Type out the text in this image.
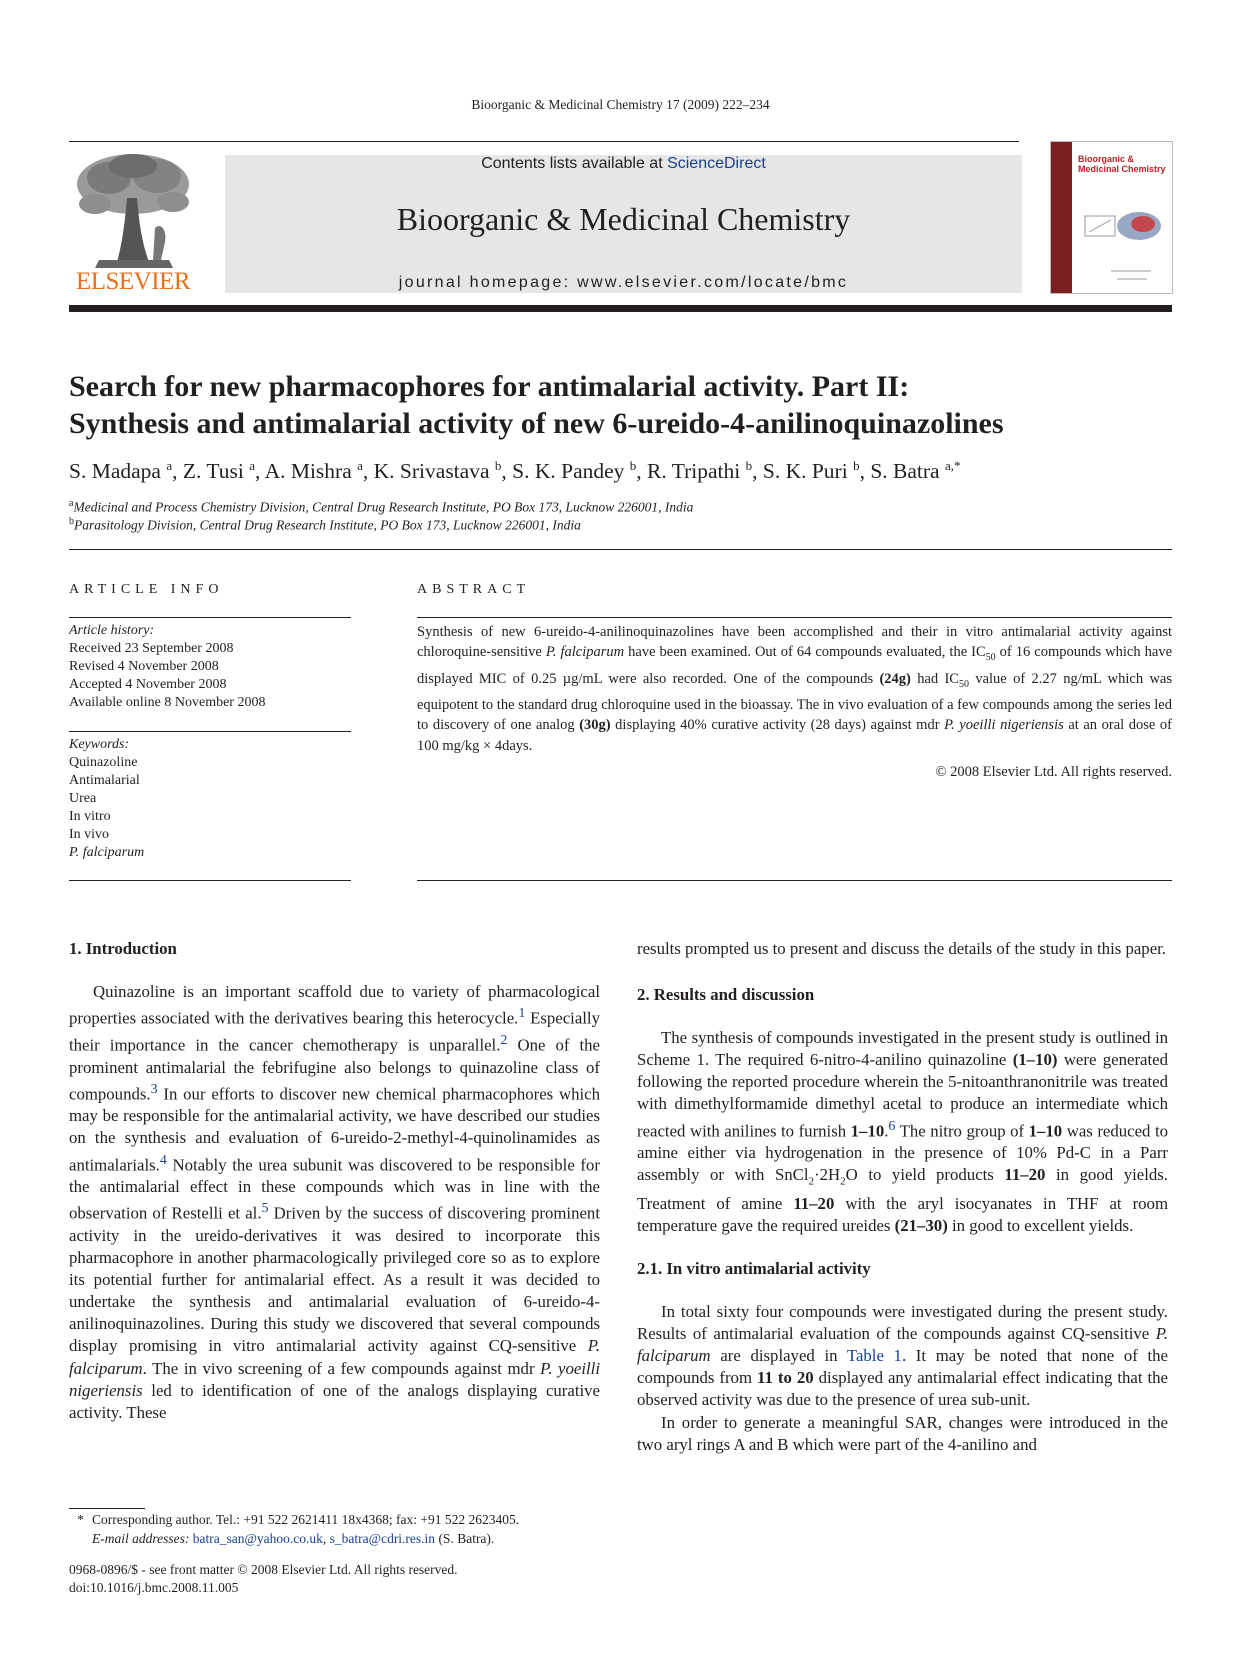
Bioorganic & Medicinal Chemistry 17 (2009) 222–234
ELSEVIER
Contents lists available at ScienceDirect
Bioorganic & Medicinal Chemistry
journal homepage: www.elsevier.com/locate/bmc
Bioorganic & Medicinal Chemistry
Search for new pharmacophores for antimalarial activity. Part II:
Synthesis and antimalarial activity of new 6-ureido-4-anilinoquinazolines
S. Madapa $^a$, Z. Tusi $^a$, A. Mishra $^a$, K. Srivastava $^b$, S. K. Pandey $^b$, R. Tripathi $^b$, S. K. Puri $^b$, S. Batra $^{a,*}$
$^a$Medicinal and Process Chemistry Division, Central Drug Research Institute, PO Box 173, Lucknow 226001, India
$^b$Parasitology Division, Central Drug Research Institute, PO Box 173, Lucknow 226001, India
ARTICLE INFO
Article history:
Received 23 September 2008
Revised 4 November 2008
Accepted 4 November 2008
Available online 8 November 2008
Keywords:
Quinazoline
Antimalarial
Urea
In vitro
In vivo
P. falciparum
ABSTRACT
Synthesis of new 6-ureido-4-anilinoquinazolines have been accomplished and their in vitro antimalarial activity against chloroquine-sensitive P. falciparum have been examined. Out of 64 compounds evaluated, the $IC_{50}$ of 16 compounds which have displayed MIC of 0.25 µg/mL were also recorded. One of the compounds (24g) had $IC_{50}$ value of 2.27 ng/mL which was equipotent to the standard drug chloroquine used in the bioassay. The in vivo evaluation of a few compounds among the series led to discovery of one analog (30g) displaying 40% curative activity (28 days) against mdr P. yoeilli nigeriensis at an oral dose of 100 mg/kg × 4days.
© 2008 Elsevier Ltd. All rights reserved.
1. Introduction

Quinazoline is an important scaffold due to variety of pharmacological properties associated with the derivatives bearing this heterocycle.$^1$ Especially their importance in the cancer chemotherapy is unparallel.$^2$ One of the prominent antimalarial the febrifugine also belongs to quinazoline class of compounds.$^3$ In our efforts to discover new chemical pharmacophores which may be responsible for the antimalarial activity, we have described our studies on the synthesis and evaluation of 6-ureido-2-methyl-4-quinolinamides as antimalarials.$^4$ Notably the urea subunit was discovered to be responsible for the antimalarial effect in these compounds which was in line with the observation of Restelli et al.$^5$ Driven by the success of discovering prominent activity in the ureido-derivatives it was desired to incorporate this pharmacophore in another pharmacologically privileged core so as to explore its potential further for antimalarial effect. As a result it was decided to undertake the synthesis and antimalarial evaluation of 6-ureido-4-anilinoquinazolines. During this study we discovered that several compounds display promising in vitro antimalarial activity against CQ-sensitive P. falciparum. The in vivo screening of a few compounds against mdr P. yoeilli nigeriensis led to identification of one of the analogs displaying curative activity. These

* Corresponding author. Tel.: +91 522 2621411 18x4368; fax: +91 522 2623405.
E-mail addresses: batra_san@yahoo.co.uk, s_batra@cdri.res.in (S. Batra).
0968-0896/$ - see front matter © 2008 Elsevier Ltd. All rights reserved.
doi:10.1016/j.bmc.2008.11.005

results prompted us to present and discuss the details of the study in this paper.

2. Results and discussion

The synthesis of compounds investigated in the present study is outlined in Scheme 1. The required 6-nitro-4-anilino quinazoline (1–10) were generated following the reported procedure wherein the 5-nitoanthranonitrile was treated with dimethylformamide dimethyl acetal to produce an intermediate which reacted with anilines to furnish 1–10.$^6$ The nitro group of 1–10 was reduced to amine either via hydrogenation in the presence of 10% Pd-C in a Parr assembly or with $SnCl_2\cdot 2H_2O$ to yield products 11–20 in good yields. Treatment of amine 11–20 with the aryl isocyanates in THF at room temperature gave the required ureides (21–30) in good to excellent yields.

2.1. In vitro antimalarial activity

In total sixty four compounds were investigated during the present study. Results of antimalarial evaluation of the compounds against CQ-sensitive P. falciparum are displayed in Table 1. It may be noted that none of the compounds from 11 to 20 displayed any antimalarial effect indicating that the observed activity was due to the presence of urea sub-unit.

In order to generate a meaningful SAR, changes were introduced in the two aryl rings A and B which were part of the 4-anilino and
